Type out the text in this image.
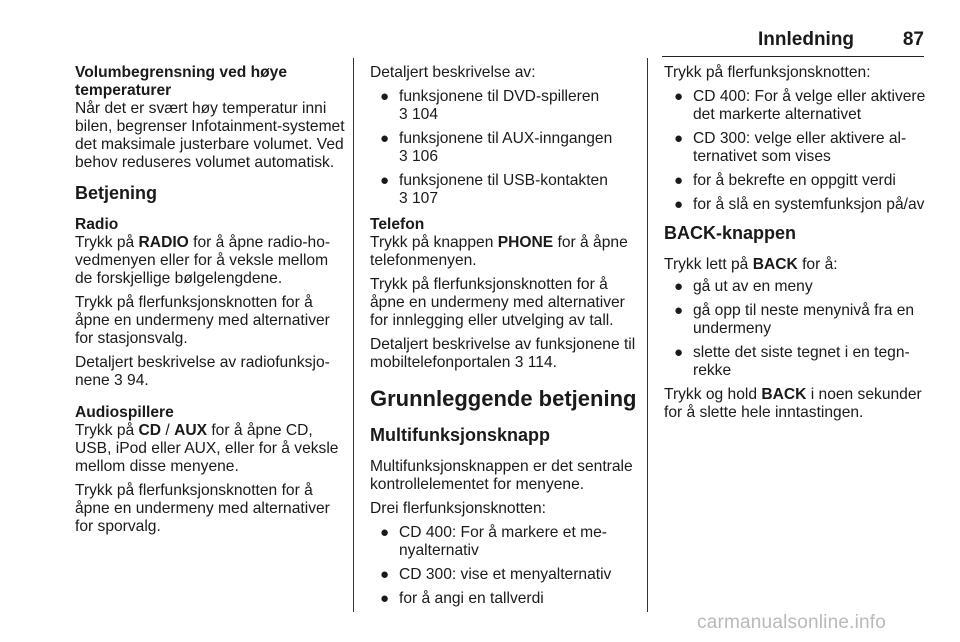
Innledning	87

Volumbegrensning ved høye temperaturer

Når det er svært høy temperatur inni bilen, begrenser Infotainment-systemet det maksimale justerbare volumet. Ved behov reduseres volumet automatisk.

Betjening

Radio

Trykk på RADIO for å åpne radio-hovedmenyen eller for å veksle mellom de forskjellige bølgelengdene.

Trykk på flerfunksjonsknotten for å åpne en undermeny med alternativer for stasjonsvalg.

Detaljert beskrivelse av radiofunksjonene 3 94.

Audiospillere

Trykk på CD / AUX for å åpne CD, USB, iPod eller AUX, eller for å veksle mellom disse menyene.

Trykk på flerfunksjonsknotten for å åpne en undermeny med alternativer for sporvalg.

Detaljert beskrivelse av:

● funksjonene til DVD-spilleren
3 104
● funksjonene til AUX-inngangen
3 106
● funksjonene til USB-kontakten
3 107

Telefon

Trykk på knappen PHONE for å åpne telefonmenyen.

Trykk på flerfunksjonsknotten for å åpne en undermeny med alternativer for innlegging eller utvelging av tall.

Detaljert beskrivelse av funksjonene til mobiltelefonportalen 3 114.

Grunnleggende betjening
Multifunksjonsknapp

Multifunksjonsknappen er det sentrale kontrollelementet for menyene.

Drei flerfunksjonsknotten:

● CD 400: For å markere et menyalternativ
● CD 300: vise et menyalternativ
● for å angi en tallverdi

Trykk på flerfunksjonsknotten:

● CD 400: For å velge eller aktivere det markerte alternativet
● CD 300: velge eller aktivere alternativet som vises
● for å bekrefte en oppgitt verdi
● for å slå en systemfunksjon på/av
BACK-knappen

Trykk lett på BACK for å:

● gå ut av en meny
● gå opp til neste menynivå fra en undermeny
● slette det siste tegnet i en tegnrekke

Trykk og hold BACK i noen sekunder for å slette hele inntastingen.

carmanualsonline.info
